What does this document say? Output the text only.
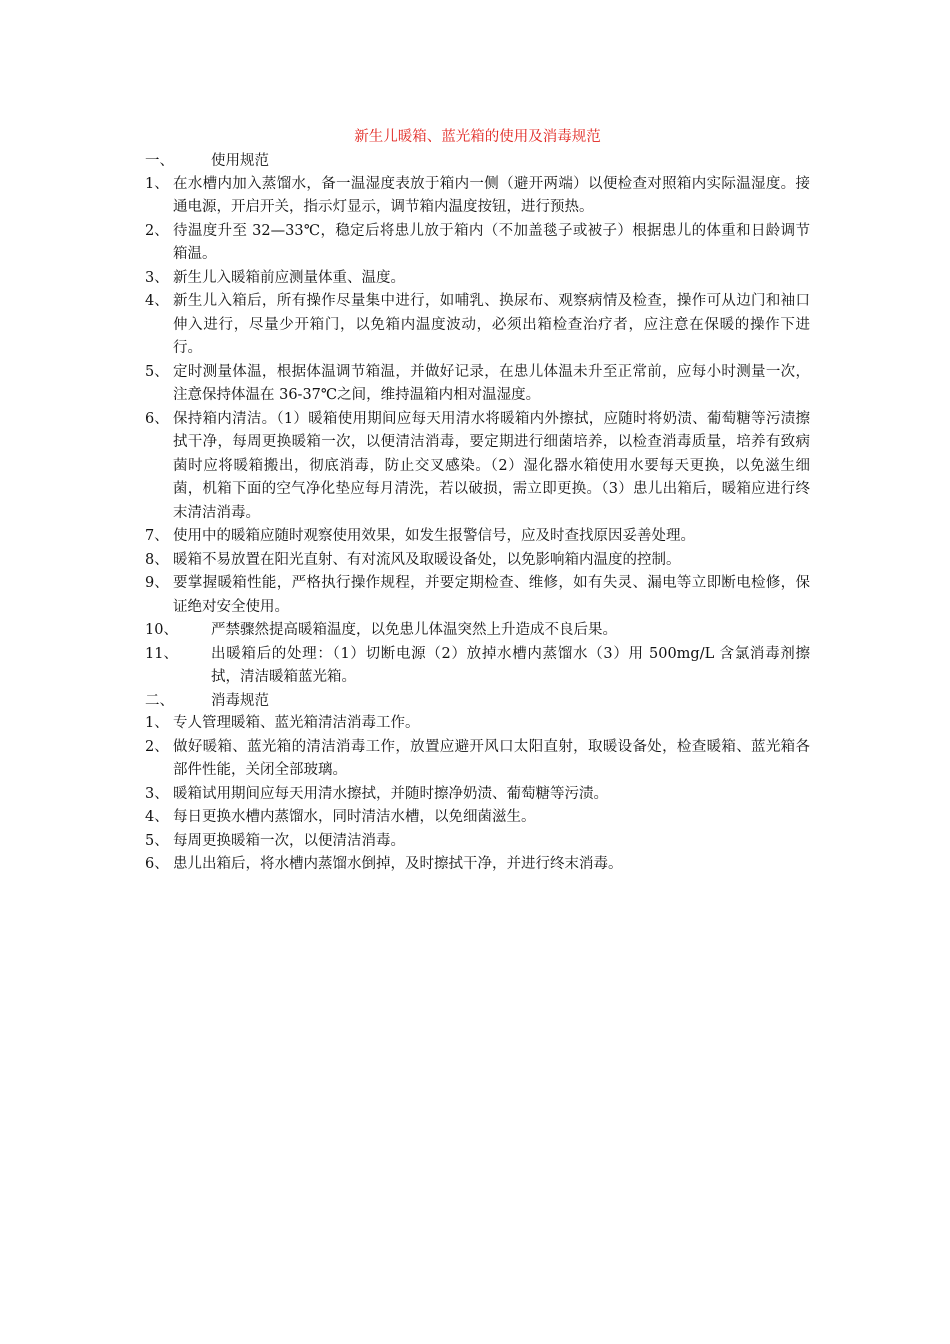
新生儿暖箱、蓝光箱的使用及消毒规范

一、	使用规范
1、 在水槽内加入蒸馏水，备一温湿度表放于箱内一侧（避开两端）以便检查对照箱内实际温湿度。接通电源，开启开关，指示灯显示，调节箱内温度按钮，进行预热。
2、 待温度升至 32—33℃，稳定后将患儿放于箱内（不加盖毯子或被子）根据患儿的体重和日龄调节箱温。
3、 新生儿入暖箱前应测量体重、温度。
4、 新生儿入箱后，所有操作尽量集中进行，如哺乳、换尿布、观察病情及检查，操作可从边门和袖口伸入进行，尽量少开箱门，以免箱内温度波动，必须出箱检查治疗者，应注意在保暖的操作下进行。
5、 定时测量体温，根据体温调节箱温，并做好记录，在患儿体温未升至正常前，应每小时测量一次，注意保持体温在 36-37℃之间，维持温箱内相对温湿度。
6、 保持箱内清洁。（1）暖箱使用期间应每天用清水将暖箱内外擦拭，应随时将奶渍、葡萄糖等污渍擦拭干净，每周更换暖箱一次，以便清洁消毒，要定期进行细菌培养，以检查消毒质量，培养有致病菌时应将暖箱搬出，彻底消毒，防止交叉感染。（2）湿化器水箱使用水要每天更换，以免滋生细菌，机箱下面的空气净化垫应每月清洗，若以破损，需立即更换。（3）患儿出箱后，暖箱应进行终末清洁消毒。
7、 使用中的暖箱应随时观察使用效果，如发生报警信号，应及时查找原因妥善处理。
8、 暖箱不易放置在阳光直射、有对流风及取暖设备处，以免影响箱内温度的控制。
9、 要掌握暖箱性能，严格执行操作规程，并要定期检查、维修，如有失灵、漏电等立即断电检修，保证绝对安全使用。
10、	严禁骤然提高暖箱温度，以免患儿体温突然上升造成不良后果。
11、	出暖箱后的处理：（1）切断电源（2）放掉水槽内蒸馏水（3）用 500mg/L 含氯消毒剂擦拭，清洁暖箱蓝光箱。
二、	消毒规范
1、 专人管理暖箱、蓝光箱清洁消毒工作。
2、 做好暖箱、蓝光箱的清洁消毒工作，放置应避开风口太阳直射，取暖设备处，检查暖箱、蓝光箱各部件性能，关闭全部玻璃。
3、 暖箱试用期间应每天用清水擦拭，并随时擦净奶渍、葡萄糖等污渍。
4、 每日更换水槽内蒸馏水，同时清洁水槽，以免细菌滋生。
5、 每周更换暖箱一次，以便清洁消毒。
6、 患儿出箱后，将水槽内蒸馏水倒掉，及时擦拭干净，并进行终末消毒。
